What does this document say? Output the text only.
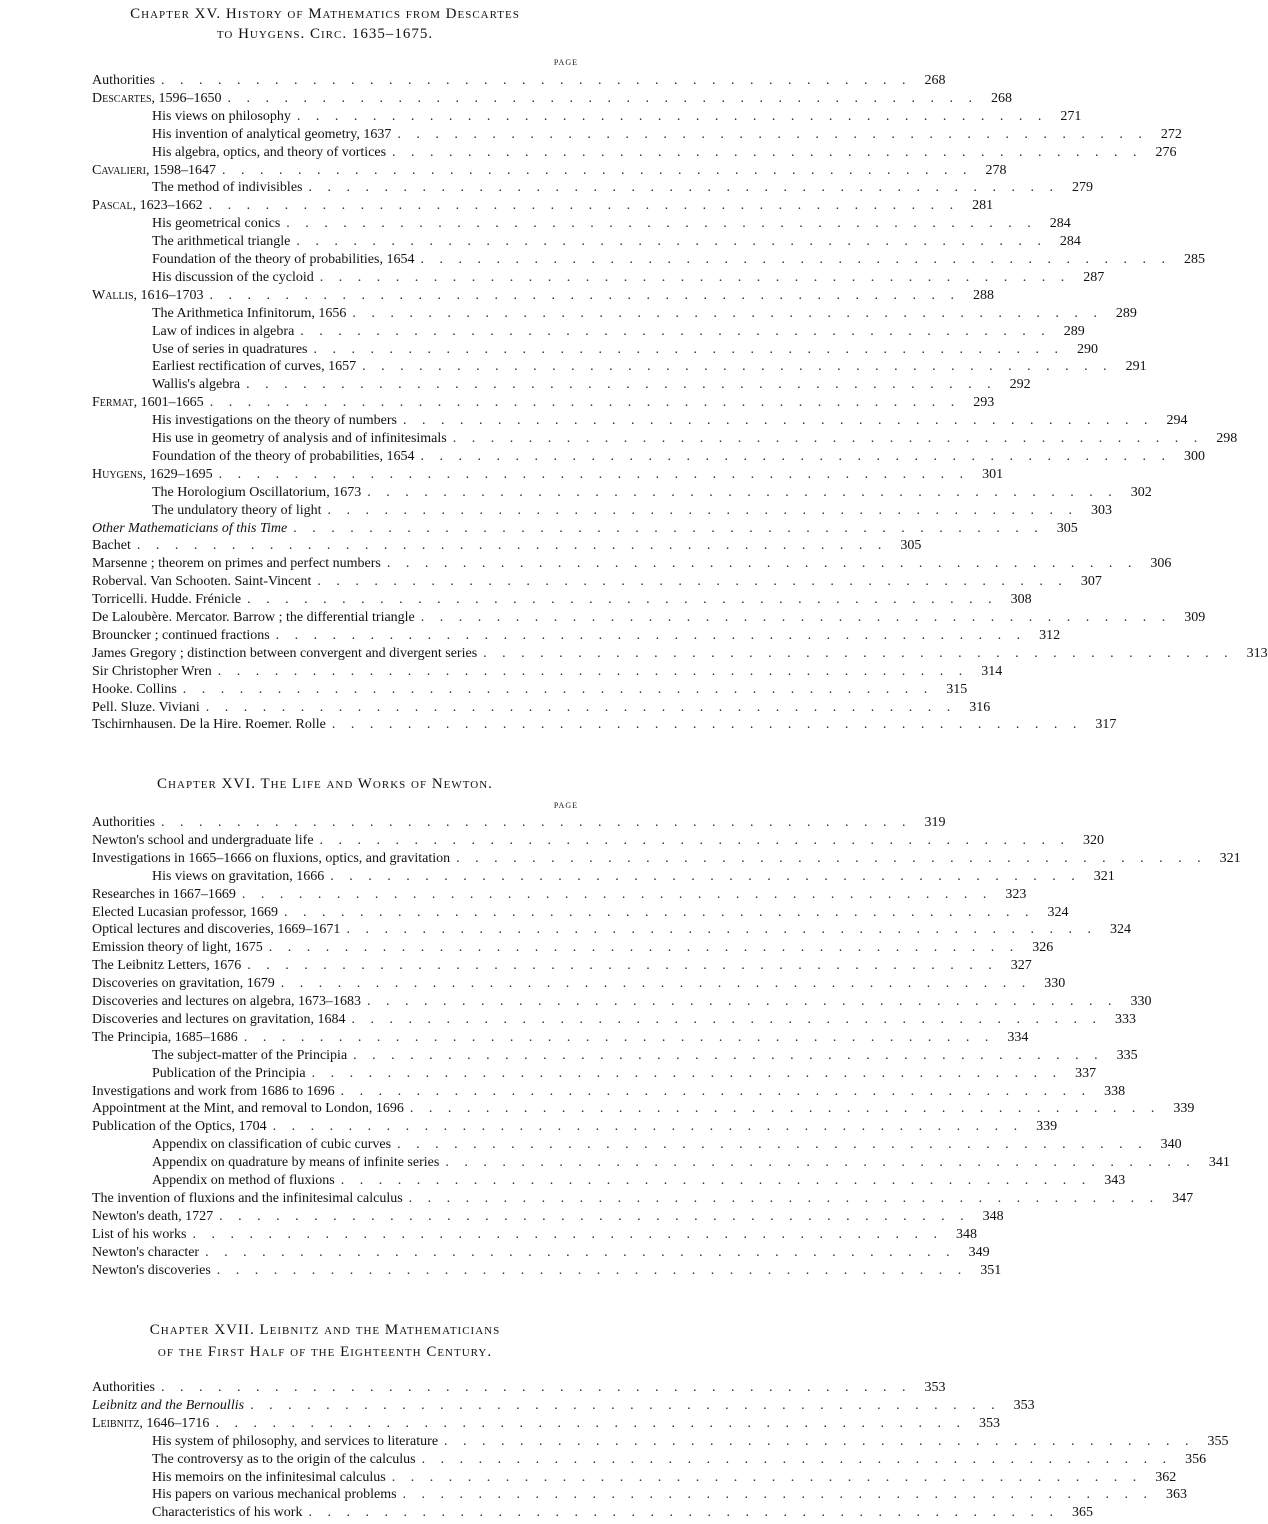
Chapter XV. History of Mathematics from Descartes
to Huygens. Circ. 1635–1675.
PAGE
Authorities . . . . . . . . . . . . . . . . . . . . . . . . . . . . . . . . . . . . . . . . 268
Descartes, 1596–1650 . . . . . . . . . . . . . . . . . . . . . . . . . . . . . . . . . . . . . . . . 268
His views on philosophy . . . . . . . . . . . . . . . . . . . . . . . . . . . . . . . . . . . . . . . . 271
His invention of analytical geometry, 1637 . . . . . . . . . . . . . . . . . . . . . . . . . . . . . . . . . . . . . . . . 272
His algebra, optics, and theory of vortices . . . . . . . . . . . . . . . . . . . . . . . . . . . . . . . . . . . . . . . . 276
Cavalieri, 1598–1647 . . . . . . . . . . . . . . . . . . . . . . . . . . . . . . . . . . . . . . . . 278
The method of indivisibles . . . . . . . . . . . . . . . . . . . . . . . . . . . . . . . . . . . . . . . . 279
Pascal, 1623–1662 . . . . . . . . . . . . . . . . . . . . . . . . . . . . . . . . . . . . . . . . 281
His geometrical conics . . . . . . . . . . . . . . . . . . . . . . . . . . . . . . . . . . . . . . . . 284
The arithmetical triangle . . . . . . . . . . . . . . . . . . . . . . . . . . . . . . . . . . . . . . . . 284
Foundation of the theory of probabilities, 1654 . . . . . . . . . . . . . . . . . . . . . . . . . . . . . . . . . . . . . . . . 285
His discussion of the cycloid . . . . . . . . . . . . . . . . . . . . . . . . . . . . . . . . . . . . . . . . 287
Wallis, 1616–1703 . . . . . . . . . . . . . . . . . . . . . . . . . . . . . . . . . . . . . . . . 288
The Arithmetica Infinitorum, 1656 . . . . . . . . . . . . . . . . . . . . . . . . . . . . . . . . . . . . . . . . 289
Law of indices in algebra . . . . . . . . . . . . . . . . . . . . . . . . . . . . . . . . . . . . . . . . 289
Use of series in quadratures . . . . . . . . . . . . . . . . . . . . . . . . . . . . . . . . . . . . . . . . 290
Earliest rectification of curves, 1657 . . . . . . . . . . . . . . . . . . . . . . . . . . . . . . . . . . . . . . . . 291
Wallis's algebra . . . . . . . . . . . . . . . . . . . . . . . . . . . . . . . . . . . . . . . . 292
Fermat, 1601–1665 . . . . . . . . . . . . . . . . . . . . . . . . . . . . . . . . . . . . . . . . 293
His investigations on the theory of numbers . . . . . . . . . . . . . . . . . . . . . . . . . . . . . . . . . . . . . . . . 294
His use in geometry of analysis and of infinitesimals . . . . . . . . . . . . . . . . . . . . . . . . . . . . . . . . . . . . . . . . 298
Foundation of the theory of probabilities, 1654 . . . . . . . . . . . . . . . . . . . . . . . . . . . . . . . . . . . . . . . . 300
Huygens, 1629–1695 . . . . . . . . . . . . . . . . . . . . . . . . . . . . . . . . . . . . . . . . 301
The Horologium Oscillatorium, 1673 . . . . . . . . . . . . . . . . . . . . . . . . . . . . . . . . . . . . . . . . 302
The undulatory theory of light . . . . . . . . . . . . . . . . . . . . . . . . . . . . . . . . . . . . . . . . 303
Other Mathematicians of this Time . . . . . . . . . . . . . . . . . . . . . . . . . . . . . . . . . . . . . . . . 305
Bachet . . . . . . . . . . . . . . . . . . . . . . . . . . . . . . . . . . . . . . . . 305
Marsenne ; theorem on primes and perfect numbers . . . . . . . . . . . . . . . . . . . . . . . . . . . . . . . . . . . . . . . . 306
Roberval. Van Schooten. Saint-Vincent . . . . . . . . . . . . . . . . . . . . . . . . . . . . . . . . . . . . . . . . 307
Torricelli. Hudde. Frénicle . . . . . . . . . . . . . . . . . . . . . . . . . . . . . . . . . . . . . . . . 308
De Laloubère. Mercator. Barrow ; the differential triangle . . . . . . . . . . . . . . . . . . . . . . . . . . . . . . . . . . . . . . . . 309
Brouncker ; continued fractions . . . . . . . . . . . . . . . . . . . . . . . . . . . . . . . . . . . . . . . . 312
James Gregory ; distinction between convergent and divergent series . . . . . . . . . . . . . . . . . . . . . . . . . . . . . . . . . . . . . . . . 313
Sir Christopher Wren . . . . . . . . . . . . . . . . . . . . . . . . . . . . . . . . . . . . . . . . 314
Hooke. Collins . . . . . . . . . . . . . . . . . . . . . . . . . . . . . . . . . . . . . . . . 315
Pell. Sluze. Viviani . . . . . . . . . . . . . . . . . . . . . . . . . . . . . . . . . . . . . . . . 316
Tschirnhausen. De la Hire. Roemer. Rolle . . . . . . . . . . . . . . . . . . . . . . . . . . . . . . . . . . . . . . . . 317
Chapter XVI. The Life and Works of Newton.
PAGE
Authorities . . . . . . . . . . . . . . . . . . . . . . . . . . . . . . . . . . . . . . . . 319
Newton's school and undergraduate life . . . . . . . . . . . . . . . . . . . . . . . . . . . . . . . . . . . . . . . . 320
Investigations in 1665–1666 on fluxions, optics, and gravitation . . . . . . . . . . . . . . . . . . . . . . . . . . . . . . . . . . . . . . . . 321
His views on gravitation, 1666 . . . . . . . . . . . . . . . . . . . . . . . . . . . . . . . . . . . . . . . . 321
Researches in 1667–1669 . . . . . . . . . . . . . . . . . . . . . . . . . . . . . . . . . . . . . . . . 323
Elected Lucasian professor, 1669 . . . . . . . . . . . . . . . . . . . . . . . . . . . . . . . . . . . . . . . . 324
Optical lectures and discoveries, 1669–1671 . . . . . . . . . . . . . . . . . . . . . . . . . . . . . . . . . . . . . . . . 324
Emission theory of light, 1675 . . . . . . . . . . . . . . . . . . . . . . . . . . . . . . . . . . . . . . . . 326
The Leibnitz Letters, 1676 . . . . . . . . . . . . . . . . . . . . . . . . . . . . . . . . . . . . . . . . 327
Discoveries on gravitation, 1679 . . . . . . . . . . . . . . . . . . . . . . . . . . . . . . . . . . . . . . . . 330
Discoveries and lectures on algebra, 1673–1683 . . . . . . . . . . . . . . . . . . . . . . . . . . . . . . . . . . . . . . . . 330
Discoveries and lectures on gravitation, 1684 . . . . . . . . . . . . . . . . . . . . . . . . . . . . . . . . . . . . . . . . 333
The Principia, 1685–1686 . . . . . . . . . . . . . . . . . . . . . . . . . . . . . . . . . . . . . . . . 334
The subject-matter of the Principia . . . . . . . . . . . . . . . . . . . . . . . . . . . . . . . . . . . . . . . . 335
Publication of the Principia . . . . . . . . . . . . . . . . . . . . . . . . . . . . . . . . . . . . . . . . 337
Investigations and work from 1686 to 1696 . . . . . . . . . . . . . . . . . . . . . . . . . . . . . . . . . . . . . . . . 338
Appointment at the Mint, and removal to London, 1696 . . . . . . . . . . . . . . . . . . . . . . . . . . . . . . . . . . . . . . . . 339
Publication of the Optics, 1704 . . . . . . . . . . . . . . . . . . . . . . . . . . . . . . . . . . . . . . . . 339
Appendix on classification of cubic curves . . . . . . . . . . . . . . . . . . . . . . . . . . . . . . . . . . . . . . . . 340
Appendix on quadrature by means of infinite series . . . . . . . . . . . . . . . . . . . . . . . . . . . . . . . . . . . . . . . . 341
Appendix on method of fluxions . . . . . . . . . . . . . . . . . . . . . . . . . . . . . . . . . . . . . . . . 343
The invention of fluxions and the infinitesimal calculus . . . . . . . . . . . . . . . . . . . . . . . . . . . . . . . . . . . . . . . . 347
Newton's death, 1727 . . . . . . . . . . . . . . . . . . . . . . . . . . . . . . . . . . . . . . . . 348
List of his works . . . . . . . . . . . . . . . . . . . . . . . . . . . . . . . . . . . . . . . . 348
Newton's character . . . . . . . . . . . . . . . . . . . . . . . . . . . . . . . . . . . . . . . . 349
Newton's discoveries . . . . . . . . . . . . . . . . . . . . . . . . . . . . . . . . . . . . . . . . 351
Chapter XVII. Leibnitz and the Mathematicians
of the First Half of the Eighteenth Century.
Authorities . . . . . . . . . . . . . . . . . . . . . . . . . . . . . . . . . . . . . . . . 353
Leibnitz and the Bernoullis . . . . . . . . . . . . . . . . . . . . . . . . . . . . . . . . . . . . . . . . 353
Leibnitz, 1646–1716 . . . . . . . . . . . . . . . . . . . . . . . . . . . . . . . . . . . . . . . . 353
His system of philosophy, and services to literature . . . . . . . . . . . . . . . . . . . . . . . . . . . . . . . . . . . . . . . . 355
The controversy as to the origin of the calculus . . . . . . . . . . . . . . . . . . . . . . . . . . . . . . . . . . . . . . . . 356
His memoirs on the infinitesimal calculus . . . . . . . . . . . . . . . . . . . . . . . . . . . . . . . . . . . . . . . . 362
His papers on various mechanical problems . . . . . . . . . . . . . . . . . . . . . . . . . . . . . . . . . . . . . . . . 363
Characteristics of his work . . . . . . . . . . . . . . . . . . . . . . . . . . . . . . . . . . . . . . . . 365
